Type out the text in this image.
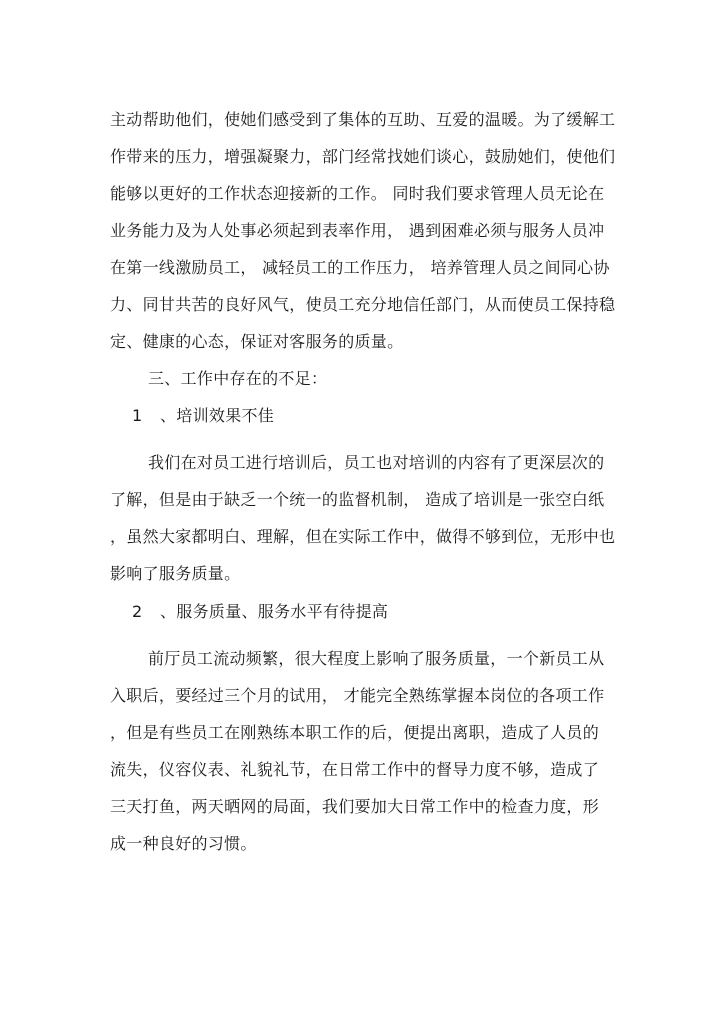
主动帮助他们，使她们感受到了集体的互助、互爱的温暖。为了缓解工
作带来的压力，增强凝聚力，部门经常找她们谈心，鼓励她们，使他们
能够以更好的工作状态迎接新的工作。 同时我们要求管理人员无论在
业务能力及为人处事必须起到表率作用， 遇到困难必须与服务人员冲
在第一线激励员工， 减轻员工的工作压力， 培养管理人员之间同心协
力、同甘共苦的良好风气，使员工充分地信任部门，从而使员工保持稳
定、健康的心态，保证对客服务的质量。
三、工作中存在的不足：
1 、培训效果不佳
我们在对员工进行培训后，员工也对培训的内容有了更深层次的
了解，但是由于缺乏一个统一的监督机制， 造成了培训是一张空白纸
，虽然大家都明白、理解，但在实际工作中，做得不够到位，无形中也
影响了服务质量。
2 、服务质量、服务水平有待提高
前厅员工流动频繁，很大程度上影响了服务质量，一个新员工从
入职后，要经过三个月的试用， 才能完全熟练掌握本岗位的各项工作
，但是有些员工在刚熟练本职工作的后，便提出离职，造成了人员的
流失，仪容仪表、礼貌礼节，在日常工作中的督导力度不够，造成了
三天打鱼，两天晒网的局面，我们要加大日常工作中的检查力度，形
成一种良好的习惯。
